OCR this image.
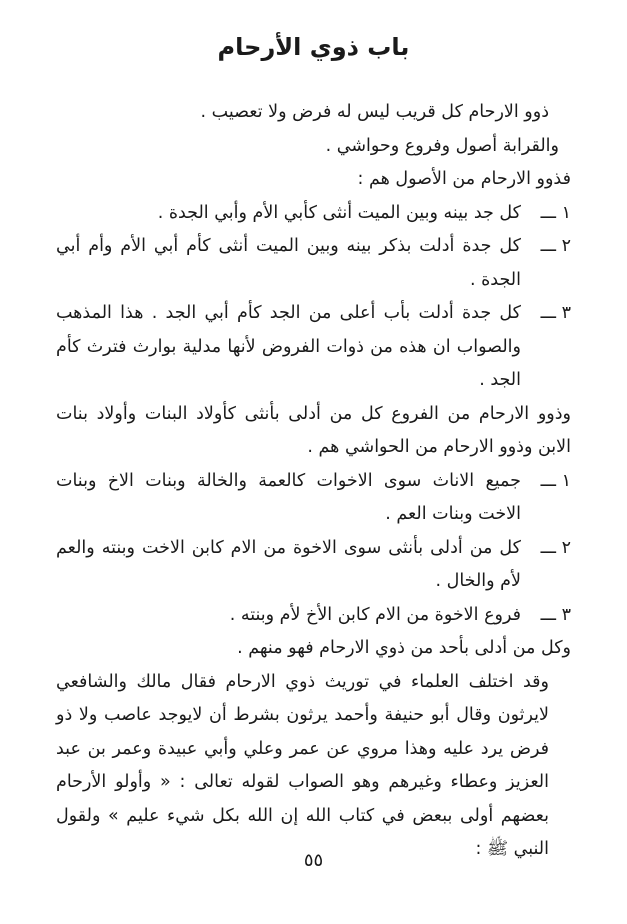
باب ذوي الأرحام

ذوو الارحام كل قريب ليس له فرض ولا تعصيب .

والقرابة أصول وفروع وحواشي .

فذوو الارحام من الأصول هم :

١ ـــ
كل جد بينه وبين الميت أنثى كأبي الأم وأبي الجدة .
٢ ـــ
كل جدة أدلت بذكر بينه وبين الميت أنثى كأم أبي الأم وأم أبي الجدة .
٣ ـــ
كل جدة أدلت بأب أعلى من الجد كأم أبي الجد . هذا المذهب والصواب ان هذه من ذوات الفروض لأنها مدلية بوارث فترث كأم الجد .

وذوو الارحام من الفروع كل من أدلى بأنثى كأولاد البنات وأولاد بنات الابن وذوو الارحام من الحواشي هم .

١ ـــ
جميع الاناث سوى الاخوات كالعمة والخالة وبنات الاخ وبنات الاخت وبنات العم .
٢ ـــ
كل من أدلى بأنثى سوى الاخوة من الام كابن الاخت وبنته والعم لأم والخال .
٣ ـــ
فروع الاخوة من الام كابن الأخ لأم وبنته .

وكل من أدلى بأحد من ذوي الارحام فهو منهم .

وقد اختلف العلماء في توريث ذوي الارحام فقال مالك والشافعي لايرثون وقال أبو حنيفة وأحمد يرثون بشرط أن لايوجد عاصب ولا ذو فرض يرد عليه وهذا مروي عن عمر وعلي وأبي عبيدة وعمر بن عبد العزيز وعطاء وغيرهم وهو الصواب لقوله تعالى : « وأولو الأرحام بعضهم أولى ببعض في كتاب الله إن الله بكل شيء عليم » ولقول النبي ﷺ :

٥٥
